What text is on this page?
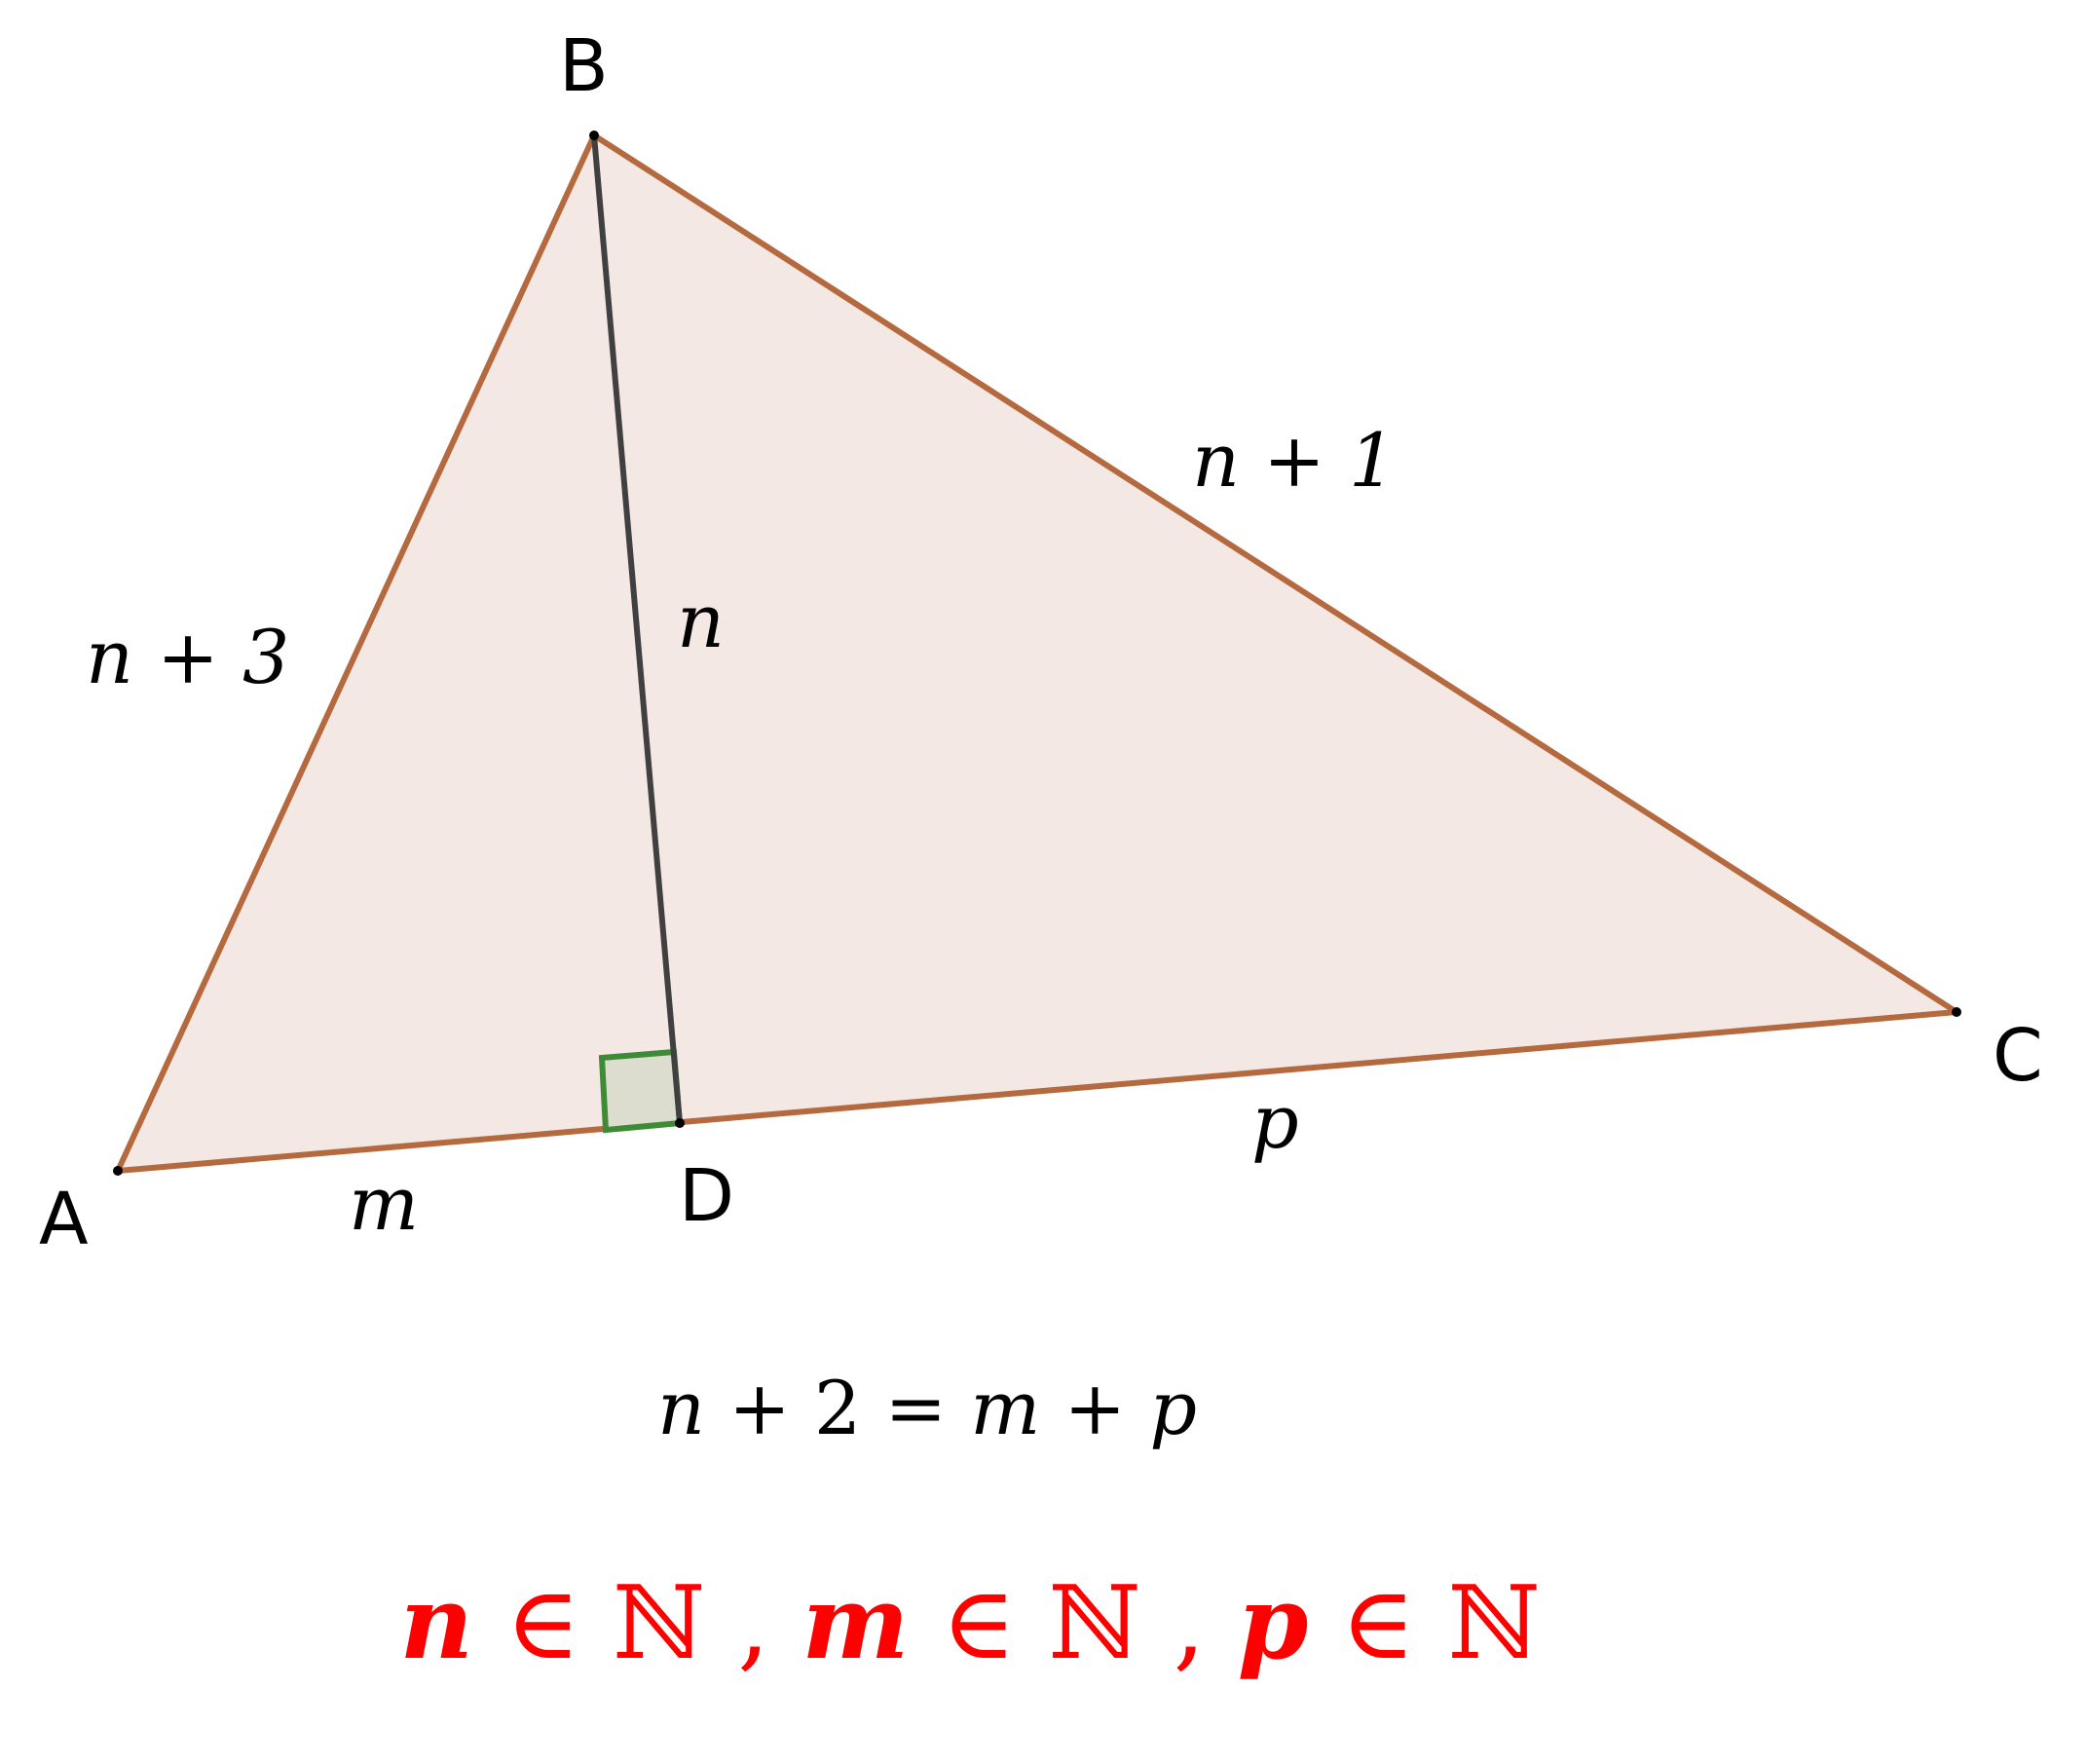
A
B
C
D
n + 3
n + 1
n
m
p
n + 2 = m + p
n ∈ ℕ , m ∈ ℕ , p ∈ ℕ
